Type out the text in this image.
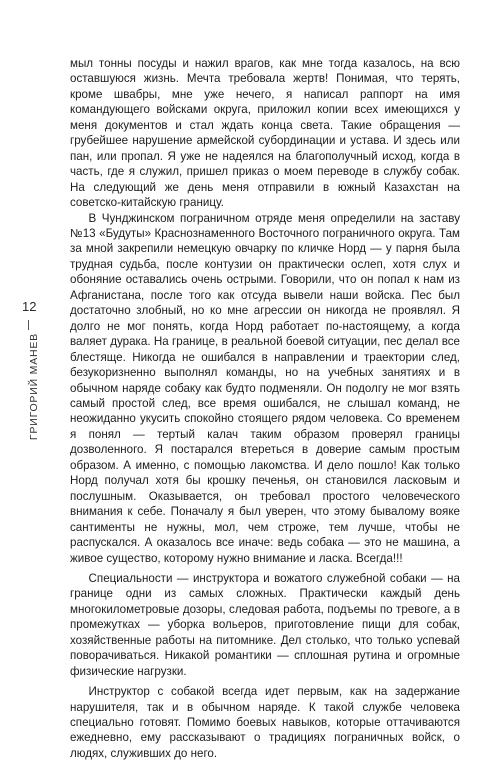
12
ГРИГОРИЙ МАНЕВ

мыл тонны посуды и нажил врагов, как мне тогда казалось, на всю оставшуюся жизнь. Мечта требовала жертв! Понимая, что терять, кроме швабры, мне уже нечего, я написал раппорт на имя командующего войсками округа, приложил копии всех имеющихся у меня документов и стал ждать конца света. Такие обращения — грубейшее нарушение армейской субординации и устава. И здесь или пан, или пропал. Я уже не надеялся на благополучный исход, когда в часть, где я служил, пришел приказ о моем переводе в службу собак. На следующий же день меня отправили в южный Казахстан на советско-китайскую границу.

В Чунджинском пограничном отряде меня определили на заставу №13 «Будуты» Краснознаменного Восточного пограничного округа. Там за мной закрепили немецкую овчарку по кличке Норд — у парня была трудная судьба, после контузии он практически ослеп, хотя слух и обоняние оставались очень острыми. Говорили, что он попал к нам из Афганистана, после того как отсуда вывели наши войска. Пес был достаточно злобный, но ко мне агрессии он никогда не проявлял. Я долго не мог понять, когда Норд работает по-настоящему, а когда валяет дурака. На границе, в реальной боевой ситуации, пес делал все блестяще. Никогда не ошибался в направлении и траектории след, безукоризненно выполнял команды, но на учебных занятиях и в обычном наряде собаку как будто подменяли. Он подолгу не мог взять самый простой след, все время ошибался, не слышал команд, не неожиданно укусить спокойно стоящего рядом человека. Со временем я понял — тертый калач таким образом проверял границы дозволенного. Я постарался втереться в доверие самым простым образом. А именно, с помощью лакомства. И дело пошло! Как только Норд получал хотя бы крошку печенья, он становился ласковым и послушным. Оказывается, он требовал простого человеческого внимания к себе. Поначалу я был уверен, что этому бывалому вояке сантименты не нужны, мол, чем строже, тем лучше, чтобы не распускался. А оказалось все иначе: ведь собака — это не машина, а живое существо, которому нужно внимание и ласка. Всегда!!!

Специальности — инструктора и вожатого служебной собаки — на границе одни из самых сложных. Практически каждый день многокилометровые дозоры, следовая работа, подъемы по тревоге, а в промежутках — уборка вольеров, приготовление пищи для собак, хозяйственные работы на питомнике. Дел столько, что только успевай поворачиваться. Никакой романтики — сплошная рутина и огромные физические нагрузки.

Инструктор с собакой всегда идет первым, как на задержание нарушителя, так и в обычном наряде. К такой службе человека специально готовят. Помимо боевых навыков, которые оттачиваются ежедневно, ему рассказывают о традициях пограничных войск, о людях, служивших до него.
